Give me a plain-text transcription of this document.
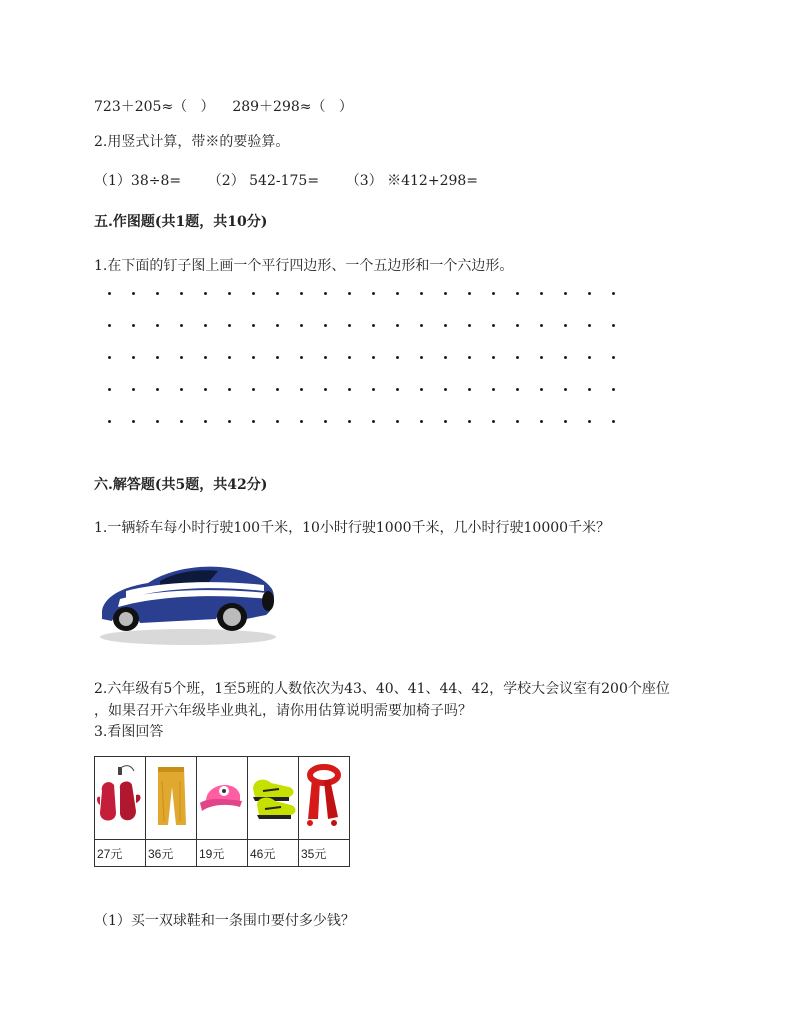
723＋205≈（   ）    289＋298≈（   ）
2.用竖式计算，带※的要验算。
（1）38÷8=      （2） 542-175=      （3） ※412+298=
五.作图题(共1题，共10分)
1.在下面的钉子图上画一个平行四边形、一个五边形和一个六边形。
六.解答题(共5题，共42分)
1.一辆轿车每小时行驶100千米，10小时行驶1000千米，几小时行驶10000千米？
2.六年级有5个班，1至5班的人数依次为43、40、41、44、42，学校大会议室有200个座位
，如果召开六年级毕业典礼，请你用估算说明需要加椅子吗？
3.看图回答

27元	36元	19元	46元	35元
（1）买一双球鞋和一条围巾要付多少钱？
